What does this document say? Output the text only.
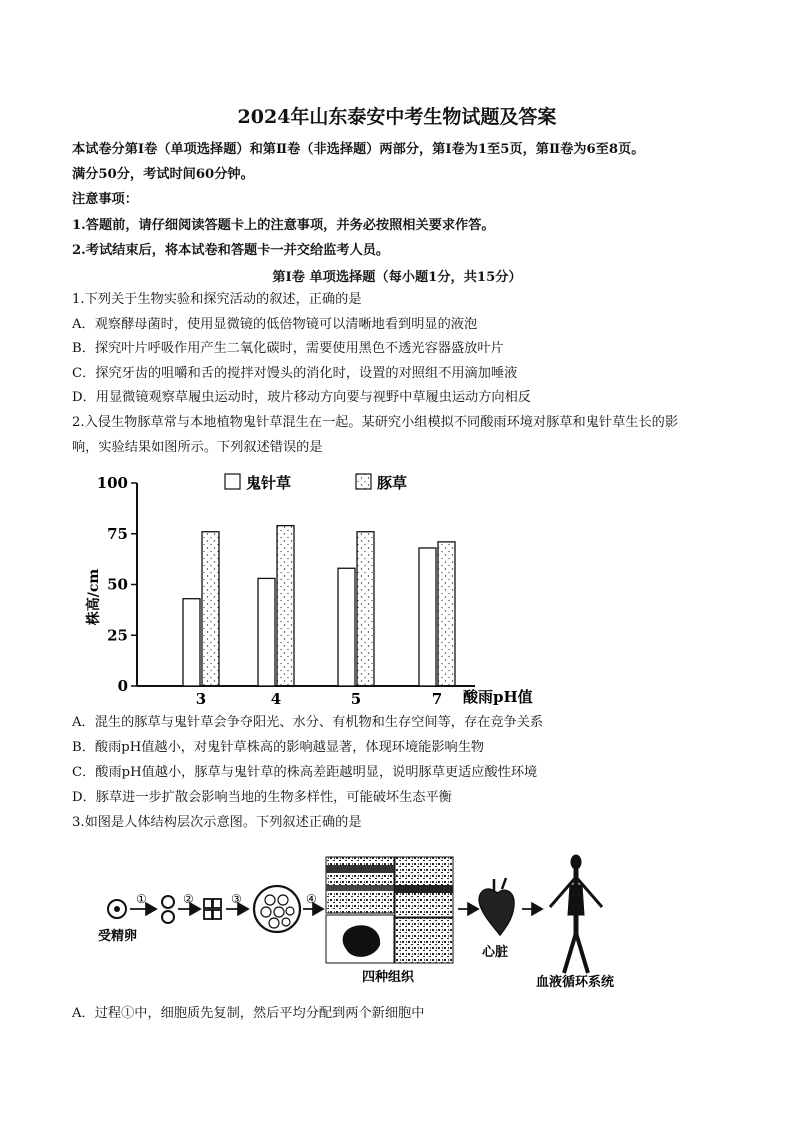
2024年山东泰安中考生物试题及答案
本试卷分第Ⅰ卷（单项选择题）和第Ⅱ卷（非选择题）两部分，第Ⅰ卷为1至5页，第Ⅱ卷为6至8页。
满分50分，考试时间60分钟。
注意事项：
1.答题前，请仔细阅读答题卡上的注意事项，并务必按照相关要求作答。
2.考试结束后，将本试卷和答题卡一并交给监考人员。
第Ⅰ卷 单项选择题（每小题1分，共15分）
1.下列关于生物实验和探究活动的叙述，正确的是
A．观察酵母菌时，使用显微镜的低倍物镜可以清晰地看到明显的液泡
B．探究叶片呼吸作用产生二氧化碳时，需要使用黑色不透光容器盛放叶片
C．探究牙齿的咀嚼和舌的搅拌对馒头的消化时，设置的对照组不用滴加唾液
D．用显微镜观察草履虫运动时，玻片移动方向要与视野中草履虫运动方向相反
2.入侵生物豚草常与本地植物鬼针草混生在一起。某研究小组模拟不同酸雨环境对豚草和鬼针草生长的影
响，实验结果如图所示。下列叙述错误的是
株高/cm
0
25
50
75
100
3	4	5	7 酸雨pH值
鬼针草	豚草
A．混生的豚草与鬼针草会争夺阳光、水分、有机物和生存空间等，存在竞争关系
B．酸雨pH值越小，对鬼针草株高的影响越显著，体现环境能影响生物
C．酸雨pH值越小，豚草与鬼针草的株高差距越明显，说明豚草更适应酸性环境
D．豚草进一步扩散会影响当地的生物多样性，可能破坏生态平衡
3.如图是人体结构层次示意图。下列叙述正确的是
受精卵
①	②	③	④
四种组织
心脏
血液循环系统
A．过程①中，细胞质先复制，然后平均分配到两个新细胞中
